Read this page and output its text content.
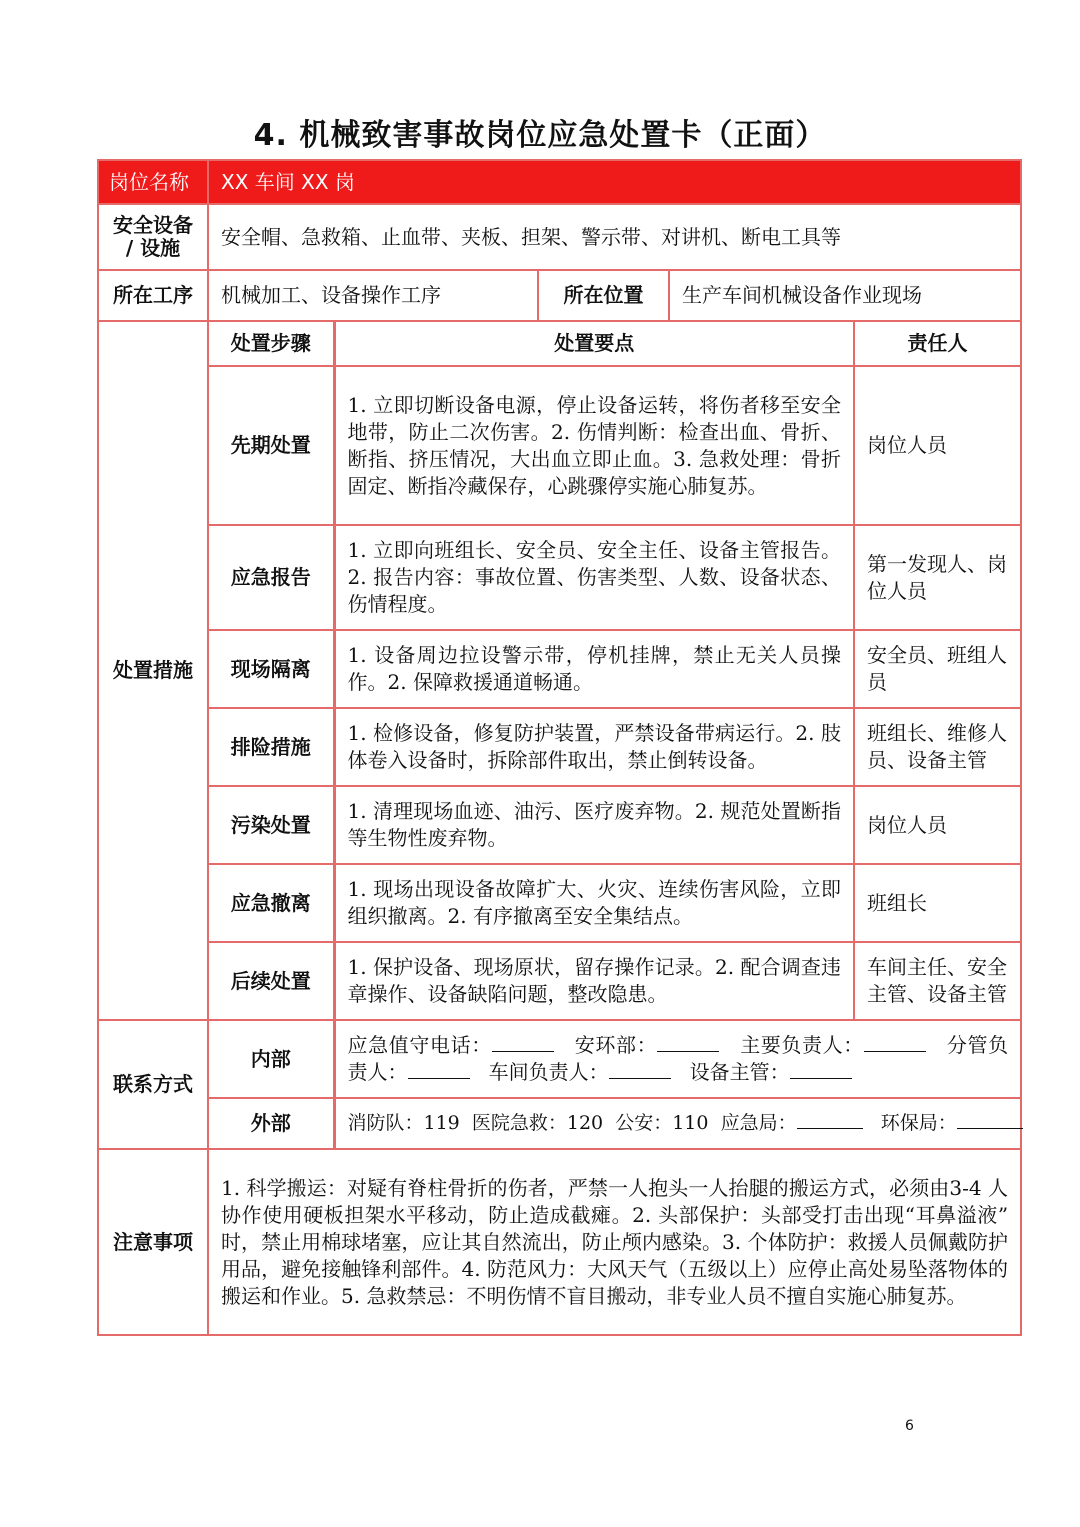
4. 机械致害事故岗位应急处置卡（正面）
岗位名称	XX 车间 XX 岗				
安全设备
/ 设施	安全帽、急救箱、止血带、夹板、担架、警示带、对讲机、断电工具等				
所在工序	机械加工、设备操作工序		所在位置	生产车间机械设备作业现场	
处置措施	处置步骤	处置要点			责任人
	先期处置	1. 立即切断设备电源，停止设备运转，将伤者移至安全地带，防止二次伤害。2. 伤情判断：检查出血、骨折、断指、挤压情况，大出血立即止血。3. 急救处理：骨折固定、断指冷藏保存，心跳骤停实施心肺复苏。			岗位人员
	应急报告	1. 立即向班组长、安全员、安全主任、设备主管报告。2. 报告内容：事故位置、伤害类型、人数、设备状态、伤情程度。			第一发现人、岗位人员
	现场隔离	1. 设备周边拉设警示带，停机挂牌，禁止无关人员操作。2. 保障救援通道畅通。			安全员、班组人员
	排险措施	1. 检修设备，修复防护装置，严禁设备带病运行。2. 肢体卷入设备时，拆除部件取出，禁止倒转设备。			班组长、维修人员、设备主管
	污染处置	1. 清理现场血迹、油污、医疗废弃物。2. 规范处置断指等生物性废弃物。			岗位人员
	应急撤离	1. 现场出现设备故障扩大、火灾、连续伤害风险，立即组织撤离。2. 有序撤离至安全集结点。			班组长
	后续处置	1. 保护设备、现场原状，留存操作记录。2. 配合调查违章操作、设备缺陷问题，整改隐患。			车间主任、安全主管、设备主管
联系方式	内部	应急值守电话： 安环部： 主要负责人： 分管负责人： 车间负责人： 设备主管：			
	外部	消防队：119 医院急救：120 公安：110 应急局： 环保局：			
注意事项	1. 科学搬运：对疑有脊柱骨折的伤者，严禁一人抱头一人抬腿的搬运方式，必须由3-4 人协作使用硬板担架水平移动，防止造成截瘫。2. 头部保护：头部受打击出现“耳鼻溢液” 时，禁止用棉球堵塞，应让其自然流出，防止颅内感染。3. 个体防护：救援人员佩戴防护用品，避免接触锋利部件。4. 防范风力：大风天气（五级以上）应停止高处易坠落物体的搬运和作业。5. 急救禁忌：不明伤情不盲目搬动，非专业人员不擅自实施心肺复苏。				
6
